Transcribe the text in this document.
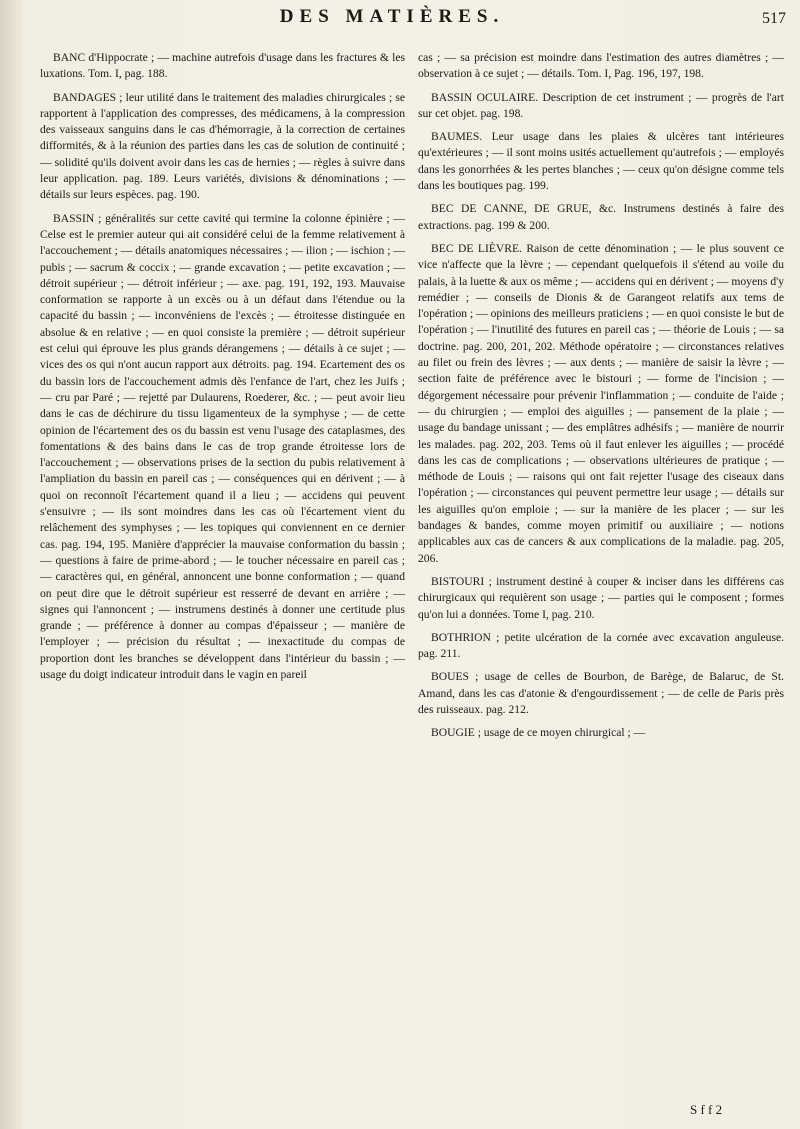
DES MATIÈRES.	517

BANC d'Hippocrate ; — machine autrefois d'usage dans les fractures & les luxations. Tom. I, pag. 188.

BANDAGES ; leur utilité dans le traitement des maladies chirurgicales ; se rapportent à l'application des compresses, des médicamens, à la compression des vaisseaux sanguins dans le cas d'hémorragie, à la correction de certaines difformités, & à la réunion des parties dans les cas de solution de continuité ; — solidité qu'ils doivent avoir dans les cas de hernies ; — règles à suivre dans leur application. pag. 189. Leurs variétés, divisions & dénominations ; — détails sur leurs espèces. pag. 190.

BASSIN ; généralités sur cette cavité qui termine la colonne épinière ; — Celse est le premier auteur qui ait considéré celui de la femme relativement à l'accouchement ; — détails anatomiques nécessaires ; — ilion ; — ischion ; — pubis ; — sacrum & coccix ; — grande excavation ; — petite excavation ; — détroit supérieur ; — détroit inférieur ; — axe. pag. 191, 192, 193. Mauvaise conformation se rapporte à un excès ou à un défaut dans l'étendue ou la capacité du bassin ; — inconvéniens de l'excès ; — étroitesse distinguée en absolue & en relative ; — en quoi consiste la première ; — détroit supérieur est celui qui éprouve les plus grands dérangemens ; — détails à ce sujet ; — vices des os qui n'ont aucun rapport aux détroits. pag. 194. Ecartement des os du bassin lors de l'accouchement admis dès l'enfance de l'art, chez les Juifs ; — cru par Paré ; — rejetté par Dulaurens, Roederer, &c. ; — peut avoir lieu dans le cas de déchirure du tissu ligamenteux de la symphyse ; — de cette opinion de l'écartement des os du bassin est venu l'usage des cataplasmes, des fomentations & des bains dans le cas de trop grande étroitesse lors de l'accouchement ; — observations prises de la section du pubis relativement à l'ampliation du bassin en pareil cas ; — conséquences qui en dérivent ; — à quoi on reconnoît l'écartement quand il a lieu ; — accidens qui peuvent s'ensuivre ; — ils sont moindres dans les cas où l'écartement vient du relâchement des symphyses ; — les topiques qui conviennent en ce dernier cas. pag. 194, 195. Manière d'apprécier la mauvaise conformation du bassin ; — questions à faire de prime-abord ; — le toucher nécessaire en pareil cas ; — caractères qui, en général, annoncent une bonne conformation ; — quand on peut dire que le détroit supérieur est resserré de devant en arrière ; — signes qui l'annoncent ; — instrumens destinés à donner une certitude plus grande ; — préférence à donner au compas d'épaisseur ; — manière de l'employer ; — précision du résultat ; — inexactitude du compas de proportion dont les branches se développent dans l'intérieur du bassin ; — usage du doigt indicateur introduit dans le vagin en pareil

cas ; — sa précision est moindre dans l'estimation des autres diamètres ; — observation à ce sujet ; — détails. Tom. I, Pag. 196, 197, 198.

BASSIN OCULAIRE. Description de cet instrument ; — progrès de l'art sur cet objet. pag. 198.

BAUMES. Leur usage dans les plaies & ulcères tant intérieures qu'extérieures ; — il sont moins usités actuellement qu'autrefois ; — employés dans les gonorrhées & les pertes blanches ; — ceux qu'on désigne comme tels dans les boutiques pag. 199.

BEC DE CANNE, DE GRUE, &c. Instrumens destinés à faire des extractions. pag. 199 & 200.

BEC DE LIÈVRE. Raison de cette dénomination ; — le plus souvent ce vice n'affecte que la lèvre ; — cependant quelquefois il s'étend au voile du palais, à la luette & aux os même ; — accidens qui en dérivent ; — moyens d'y remédier ; — conseils de Dionis & de Garangeot relatifs aux tems de l'opération ; — opinions des meilleurs praticiens ; — en quoi consiste le but de l'opération ; — l'inutilité des futures en pareil cas ; — théorie de Louis ; — sa doctrine. pag. 200, 201, 202. Méthode opératoire ; — circonstances relatives au filet ou frein des lèvres ; — aux dents ; — manière de saisir la lèvre ; — section faite de préférence avec le bistouri ; — forme de l'incision ; — dégorgement nécessaire pour prévenir l'inflammation ; — conduite de l'aide ; — du chirurgien ; — emploi des aiguilles ; — pansement de la plaie ; — usage du bandage unissant ; — des emplâtres adhésifs ; — manière de nourrir les malades. pag. 202, 203. Tems où il faut enlever les aiguilles ; — procédé dans les cas de complications ; — observations ultérieures de pratique ; — méthode de Louis ; — raisons qui ont fait rejetter l'usage des ciseaux dans l'opération ; — circonstances qui peuvent permettre leur usage ; — détails sur les aiguilles qu'on emploie ; — sur la manière de les placer ; — sur les bandages & bandes, comme moyen primitif ou auxiliaire ; — notions applicables aux cas de cancers & aux complications de la maladie. pag. 205, 206.

BISTOURI ; instrument destiné à couper & inciser dans les différens cas chirurgicaux qui requièrent son usage ; — parties qui le composent ; formes qu'on lui a données. Tome I, pag. 210.

BOTHRION ; petite ulcération de la cornée avec excavation anguleuse. pag. 211.

BOUES ; usage de celles de Bourbon, de Barège, de Balaruc, de St. Amand, dans les cas d'atonie & d'engourdissement ; — de celle de Paris près des ruisseaux. pag. 212.

BOUGIE ; usage de ce moyen chirurgical ; —

S f f 2
